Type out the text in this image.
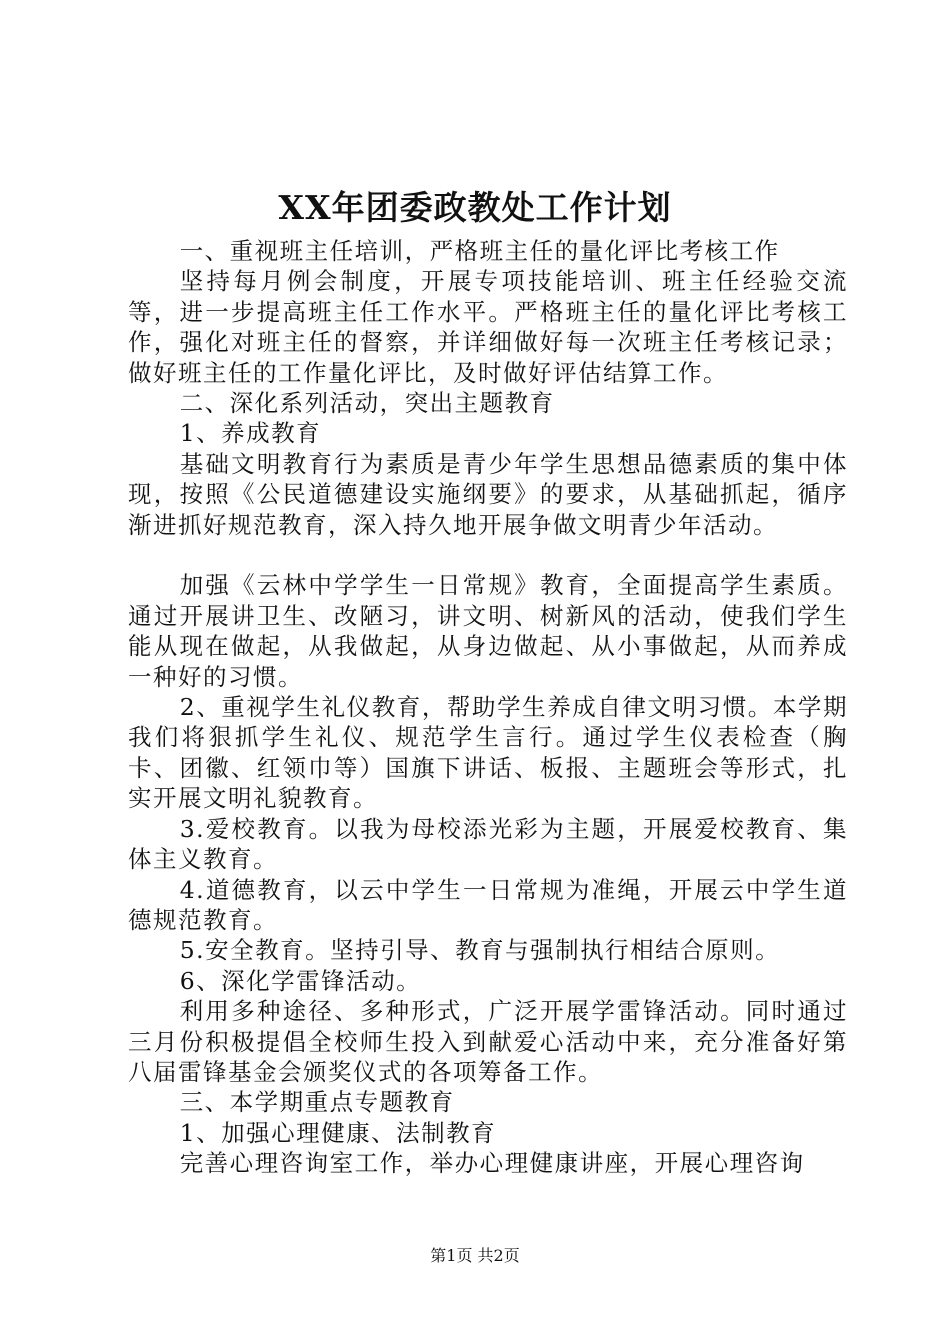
XX年团委政教处工作计划

一、重视班主任培训，严格班主任的量化评比考核工作

坚持每月例会制度，开展专项技能培训、班主任经验交流等，进一步提高班主任工作水平。严格班主任的量化评比考核工作，强化对班主任的督察，并详细做好每一次班主任考核记录；做好班主任的工作量化评比，及时做好评估结算工作。

二、深化系列活动，突出主题教育

1、养成教育

基础文明教育行为素质是青少年学生思想品德素质的集中体现，按照《公民道德建设实施纲要》的要求，从基础抓起，循序渐进抓好规范教育，深入持久地开展争做文明青少年活动。

加强《云林中学学生一日常规》教育，全面提高学生素质。通过开展讲卫生、改陋习，讲文明、树新风的活动，使我们学生能从现在做起，从我做起，从身边做起、从小事做起，从而养成一种好的习惯。

2、重视学生礼仪教育，帮助学生养成自律文明习惯。本学期我们将狠抓学生礼仪、规范学生言行。通过学生仪表检查（胸卡、团徽、红领巾等）国旗下讲话、板报、主题班会等形式，扎实开展文明礼貌教育。

3.爱校教育。以我为母校添光彩为主题，开展爱校教育、集体主义教育。

4.道德教育，以云中学生一日常规为准绳，开展云中学生道德规范教育。

5.安全教育。坚持引导、教育与强制执行相结合原则。

6、深化学雷锋活动。

利用多种途径、多种形式，广泛开展学雷锋活动。同时通过三月份积极提倡全校师生投入到献爱心活动中来，充分准备好第八届雷锋基金会颁奖仪式的各项筹备工作。

三、本学期重点专题教育

1、加强心理健康、法制教育

完善心理咨询室工作，举办心理健康讲座，开展心理咨询

第1页 共2页
